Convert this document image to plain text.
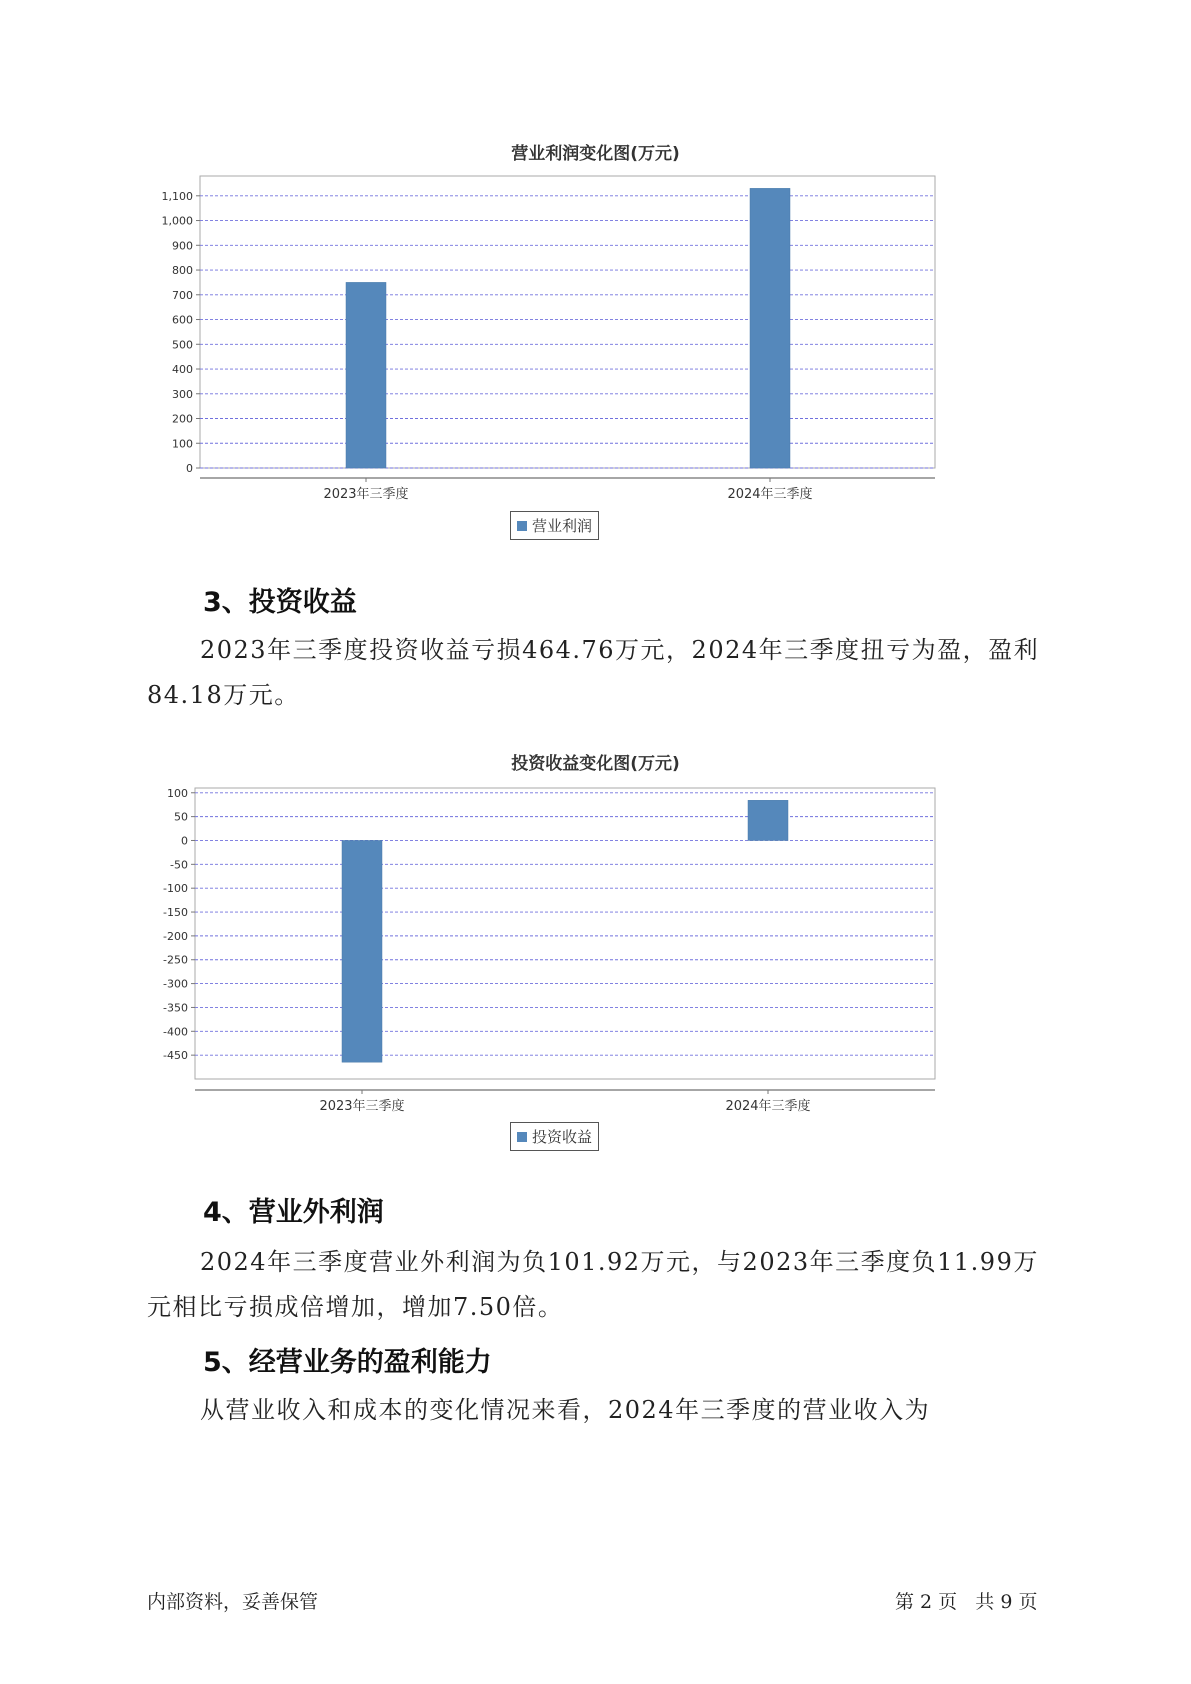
营业利润变化图(万元)
0
100
200
300
400
500
600
700
800
900
1,000
1,100
2023年三季度	2024年三季度
营业利润
3、投资收益

2023年三季度投资收益亏损464.76万元，2024年三季度扭亏为盈，盈利84.18万元。

投资收益变化图(万元)
100
50
0
-50
-100
-150
-200
-250
-300
-350
-400
-450
2023年三季度	2024年三季度
投资收益
4、营业外利润

2024年三季度营业外利润为负101.92万元，与2023年三季度负11.99万元相比亏损成倍增加，增加7.50倍。

5、经营业务的盈利能力

从营业收入和成本的变化情况来看，2024年三季度的营业收入为

内部资料，妥善保管	第 2 页   共 9 页
